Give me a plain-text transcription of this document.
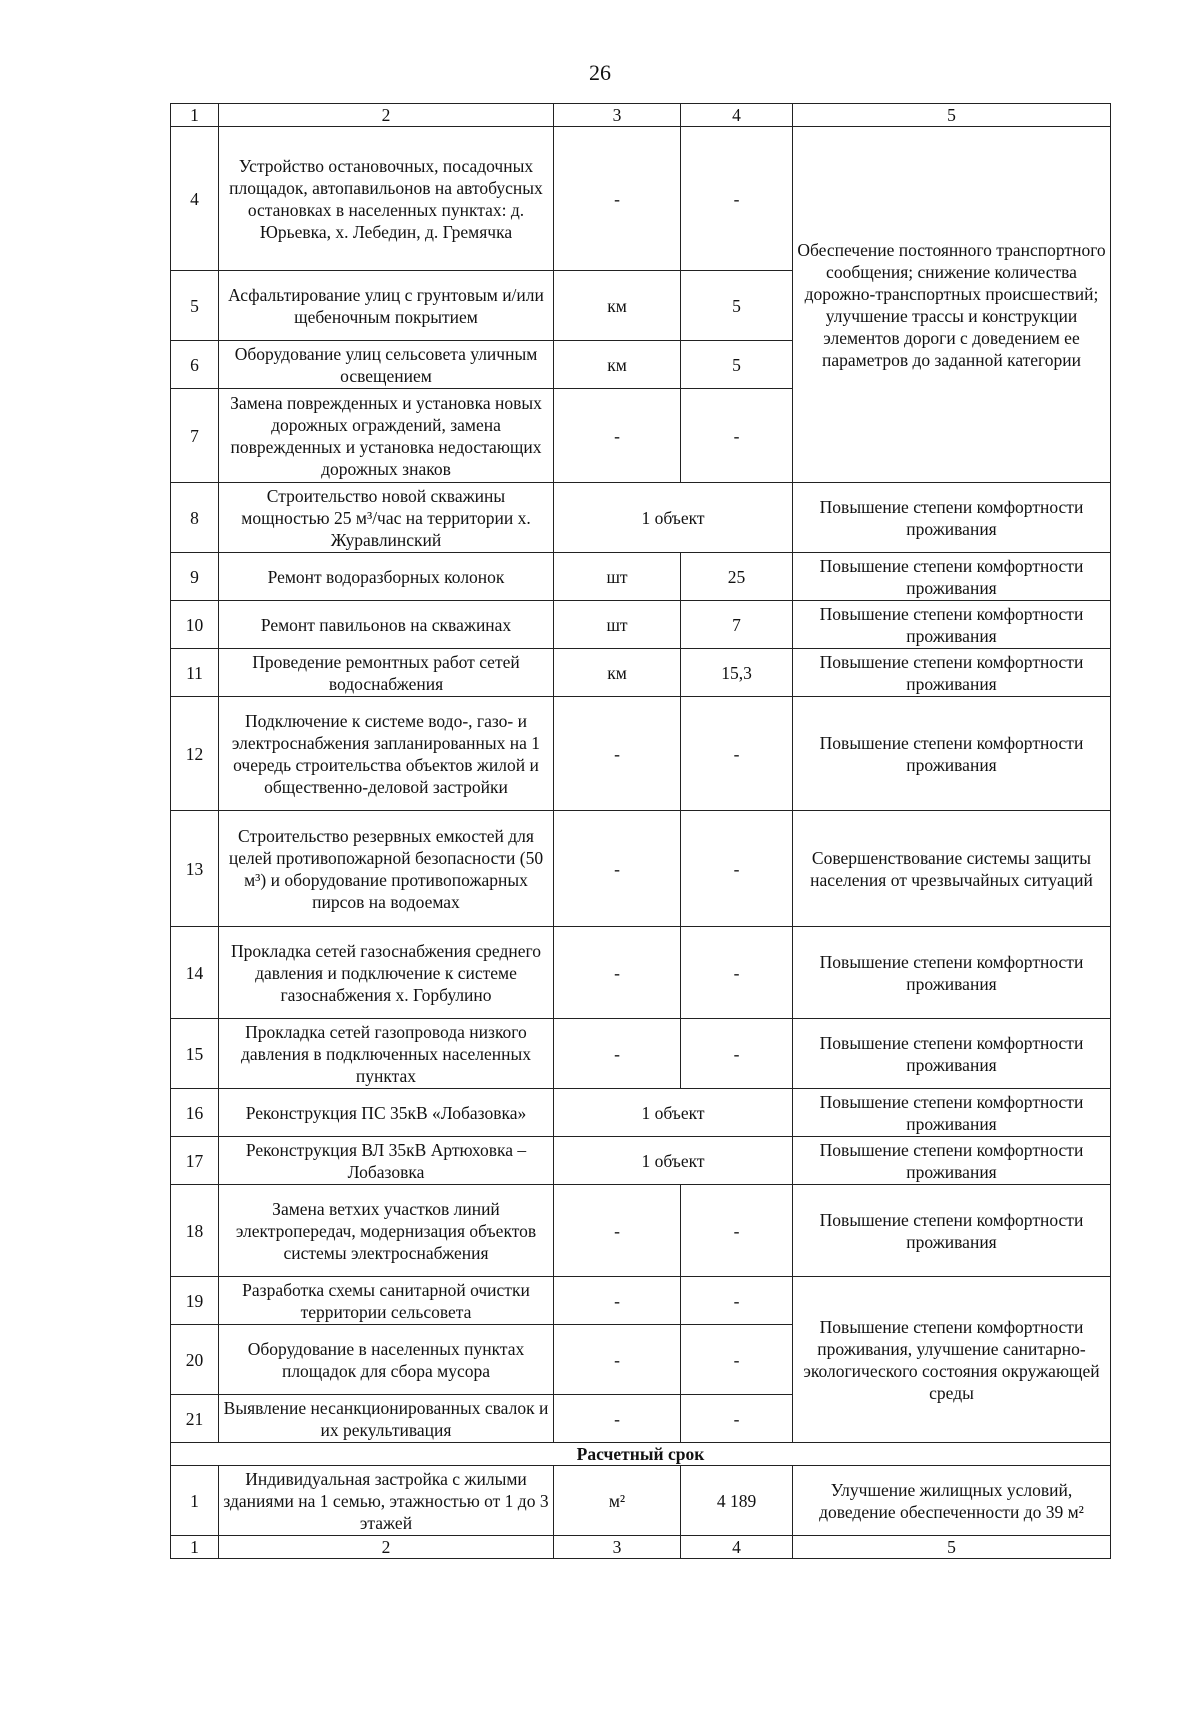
26
1	2	3	4	5
4	Устройство остановочных, посадочных площадок, автопавильонов на автобусных остановках в населенных пунктах: д. Юрьевка, х. Лебедин, д. Гремячка	-	-	Обеспечение постоянного транспортного сообщения; снижение количества дорожно-транспортных происшествий; улучшение трассы и конструкции элементов дороги с доведением ее параметров до заданной категории
5	Асфальтирование улиц с грунтовым и/или щебеночным покрытием	км	5	
6	Оборудование улиц сельсовета уличным освещением	км	5	
7	Замена поврежденных и установка новых дорожных ограждений, замена поврежденных и установка недостающих дорожных знаков	-	-	
8	Строительство новой скважины мощностью 25 м³/час на территории х. Журавлинский	1 объект		Повышение степени комфортности проживания
9	Ремонт водоразборных колонок	шт	25	Повышение степени комфортности проживания
10	Ремонт павильонов на скважинах	шт	7	Повышение степени комфортности проживания
11	Проведение ремонтных работ сетей водоснабжения	км	15,3	Повышение степени комфортности проживания
12	Подключение к системе водо-, газо- и электроснабжения запланированных на 1 очередь строительства объектов жилой и общественно-деловой застройки	-	-	Повышение степени комфортности проживания
13	Строительство резервных емкостей для целей противопожарной безопасности (50 м³) и оборудование противопожарных пирсов на водоемах	-	-	Совершенствование системы защиты населения от чрезвычайных ситуаций
14	Прокладка сетей газоснабжения среднего давления и подключение к системе газоснабжения х. Горбулино	-	-	Повышение степени комфортности проживания
15	Прокладка сетей газопровода низкого давления в подключенных населенных пунктах	-	-	Повышение степени комфортности проживания
16	Реконструкция ПС 35кВ «Лобазовка»	1 объект		Повышение степени комфортности проживания
17	Реконструкция ВЛ 35кВ Артюховка – Лобазовка	1 объект		Повышение степени комфортности проживания
18	Замена ветхих участков линий электропередач, модернизация объектов системы электроснабжения	-	-	Повышение степени комфортности проживания
19	Разработка схемы санитарной очистки территории сельсовета	-	-	Повышение степени комфортности проживания, улучшение санитарно-экологического состояния окружающей среды
20	Оборудование в населенных пунктах площадок для сбора мусора	-	-	
21	Выявление несанкционированных свалок и их рекультивация	-	-	
Расчетный срок				
1	Индивидуальная застройка с жилыми зданиями на 1 семью, этажностью от 1 до 3 этажей	м²	4 189	Улучшение жилищных условий, доведение обеспеченности до 39 м²
1	2	3	4	5
